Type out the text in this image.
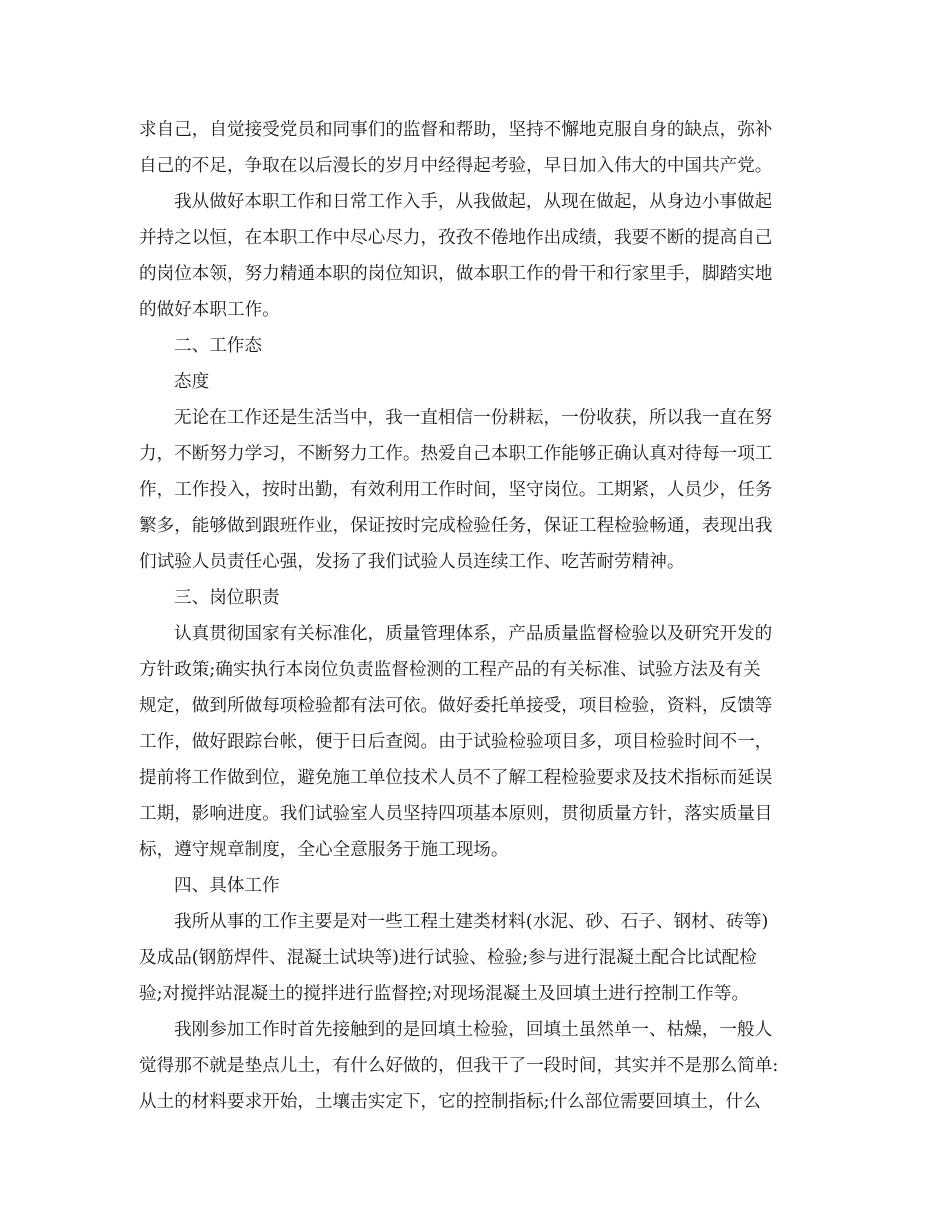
求自己，自觉接受党员和同事们的监督和帮助，坚持不懈地克服自身的缺点，弥补
自己的不足，争取在以后漫长的岁月中经得起考验，早日加入伟大的中国共产党。
我从做好本职工作和日常工作入手，从我做起，从现在做起，从身边小事做起
并持之以恒，在本职工作中尽心尽力，孜孜不倦地作出成绩，我要不断的提高自己
的岗位本领，努力精通本职的岗位知识，做本职工作的骨干和行家里手，脚踏实地
的做好本职工作。
二、工作态
态度
无论在工作还是生活当中，我一直相信一份耕耘，一份收获，所以我一直在努
力，不断努力学习，不断努力工作。热爱自己本职工作能够正确认真对待每一项工
作，工作投入，按时出勤，有效利用工作时间，坚守岗位。工期紧，人员少，任务
繁多，能够做到跟班作业，保证按时完成检验任务，保证工程检验畅通，表现出我
们试验人员责任心强，发扬了我们试验人员连续工作、吃苦耐劳精神。
三、岗位职责
认真贯彻国家有关标准化，质量管理体系，产品质量监督检验以及研究开发的
方针政策;确实执行本岗位负责监督检测的工程产品的有关标准、试验方法及有关
规定，做到所做每项检验都有法可依。做好委托单接受，项目检验，资料，反馈等
工作，做好跟踪台帐，便于日后查阅。由于试验检验项目多，项目检验时间不一，
提前将工作做到位，避免施工单位技术人员不了解工程检验要求及技术指标而延误
工期，影响进度。我们试验室人员坚持四项基本原则，贯彻质量方针，落实质量目
标，遵守规章制度，全心全意服务于施工现场。
四、具体工作
我所从事的工作主要是对一些工程土建类材料(水泥、砂、石子、钢材、砖等)
及成品(钢筋焊件、混凝土试块等)进行试验、检验;参与进行混凝土配合比试配检
验;对搅拌站混凝土的搅拌进行监督控;对现场混凝土及回填土进行控制工作等。
我刚参加工作时首先接触到的是回填土检验，回填土虽然单一、枯燥，一般人
觉得那不就是垫点儿土，有什么好做的，但我干了一段时间，其实并不是那么简单:
从土的材料要求开始，土壤击实定下，它的控制指标;什么部位需要回填土，什么
